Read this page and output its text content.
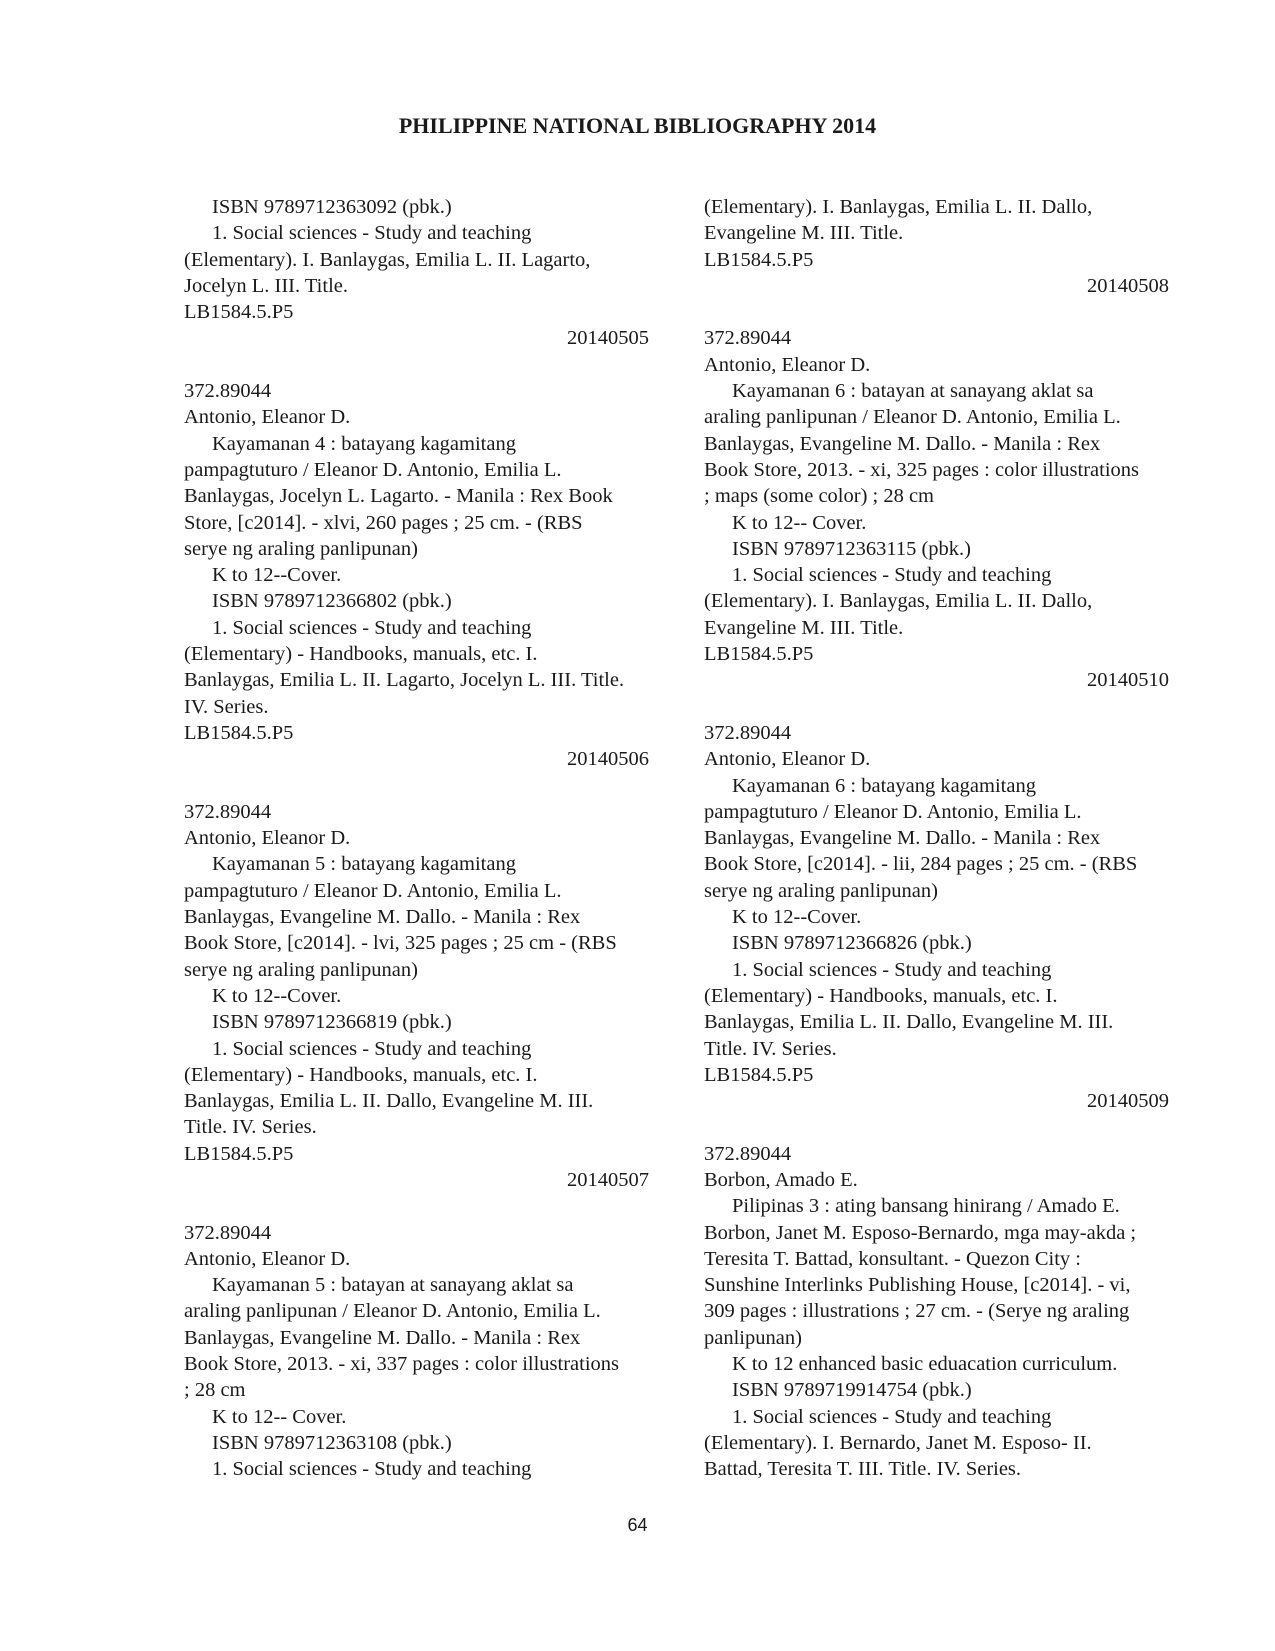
PHILIPPINE NATIONAL BIBLIOGRAPHY 2014
ISBN 9789712363092 (pbk.)
1. Social sciences - Study and teaching
(Elementary). I. Banlaygas, Emilia L. II. Lagarto,
Jocelyn L. III. Title.
LB1584.5.P5
20140505
372.89044
Antonio, Eleanor D.
Kayamanan 4 : batayang kagamitang
pampagtuturo / Eleanor D. Antonio, Emilia L.
Banlaygas, Jocelyn L. Lagarto. - Manila : Rex Book
Store, [c2014]. - xlvi, 260 pages ; 25 cm. - (RBS
serye ng araling panlipunan)
K to 12--Cover.
ISBN 9789712366802 (pbk.)
1. Social sciences - Study and teaching
(Elementary) - Handbooks, manuals, etc. I.
Banlaygas, Emilia L. II. Lagarto, Jocelyn L. III. Title.
IV. Series.
LB1584.5.P5
20140506
372.89044
Antonio, Eleanor D.
Kayamanan 5 : batayang kagamitang
pampagtuturo / Eleanor D. Antonio, Emilia L.
Banlaygas, Evangeline M. Dallo. - Manila : Rex
Book Store, [c2014]. - lvi, 325 pages ; 25 cm - (RBS
serye ng araling panlipunan)
K to 12--Cover.
ISBN 9789712366819 (pbk.)
1. Social sciences - Study and teaching
(Elementary) - Handbooks, manuals, etc. I.
Banlaygas, Emilia L. II. Dallo, Evangeline M. III.
Title. IV. Series.
LB1584.5.P5
20140507
372.89044
Antonio, Eleanor D.
Kayamanan 5 : batayan at sanayang aklat sa
araling panlipunan / Eleanor D. Antonio, Emilia L.
Banlaygas, Evangeline M. Dallo. - Manila : Rex
Book Store, 2013. - xi, 337 pages : color illustrations
; 28 cm
K to 12-- Cover.
ISBN 9789712363108 (pbk.)
1. Social sciences - Study and teaching
(Elementary). I. Banlaygas, Emilia L. II. Dallo,
Evangeline M. III. Title.
LB1584.5.P5
20140508
372.89044
Antonio, Eleanor D.
Kayamanan 6 : batayan at sanayang aklat sa
araling panlipunan / Eleanor D. Antonio, Emilia L.
Banlaygas, Evangeline M. Dallo. - Manila : Rex
Book Store, 2013. - xi, 325 pages : color illustrations
; maps (some color) ; 28 cm
K to 12-- Cover.
ISBN 9789712363115 (pbk.)
1. Social sciences - Study and teaching
(Elementary). I. Banlaygas, Emilia L. II. Dallo,
Evangeline M. III. Title.
LB1584.5.P5
20140510
372.89044
Antonio, Eleanor D.
Kayamanan 6 : batayang kagamitang
pampagtuturo / Eleanor D. Antonio, Emilia L.
Banlaygas, Evangeline M. Dallo. - Manila : Rex
Book Store, [c2014]. - lii, 284 pages ; 25 cm. - (RBS
serye ng araling panlipunan)
K to 12--Cover.
ISBN 9789712366826 (pbk.)
1. Social sciences - Study and teaching
(Elementary) - Handbooks, manuals, etc. I.
Banlaygas, Emilia L. II. Dallo, Evangeline M. III.
Title. IV. Series.
LB1584.5.P5
20140509
372.89044
Borbon, Amado E.
Pilipinas 3 : ating bansang hinirang / Amado E.
Borbon, Janet M. Esposo-Bernardo, mga may-akda ;
Teresita T. Battad, konsultant. - Quezon City :
Sunshine Interlinks Publishing House, [c2014]. - vi,
309 pages : illustrations ; 27 cm. - (Serye ng araling
panlipunan)
K to 12 enhanced basic eduacation curriculum.
ISBN 9789719914754 (pbk.)
1. Social sciences - Study and teaching
(Elementary). I. Bernardo, Janet M. Esposo- II.
Battad, Teresita T. III. Title. IV. Series.
64
